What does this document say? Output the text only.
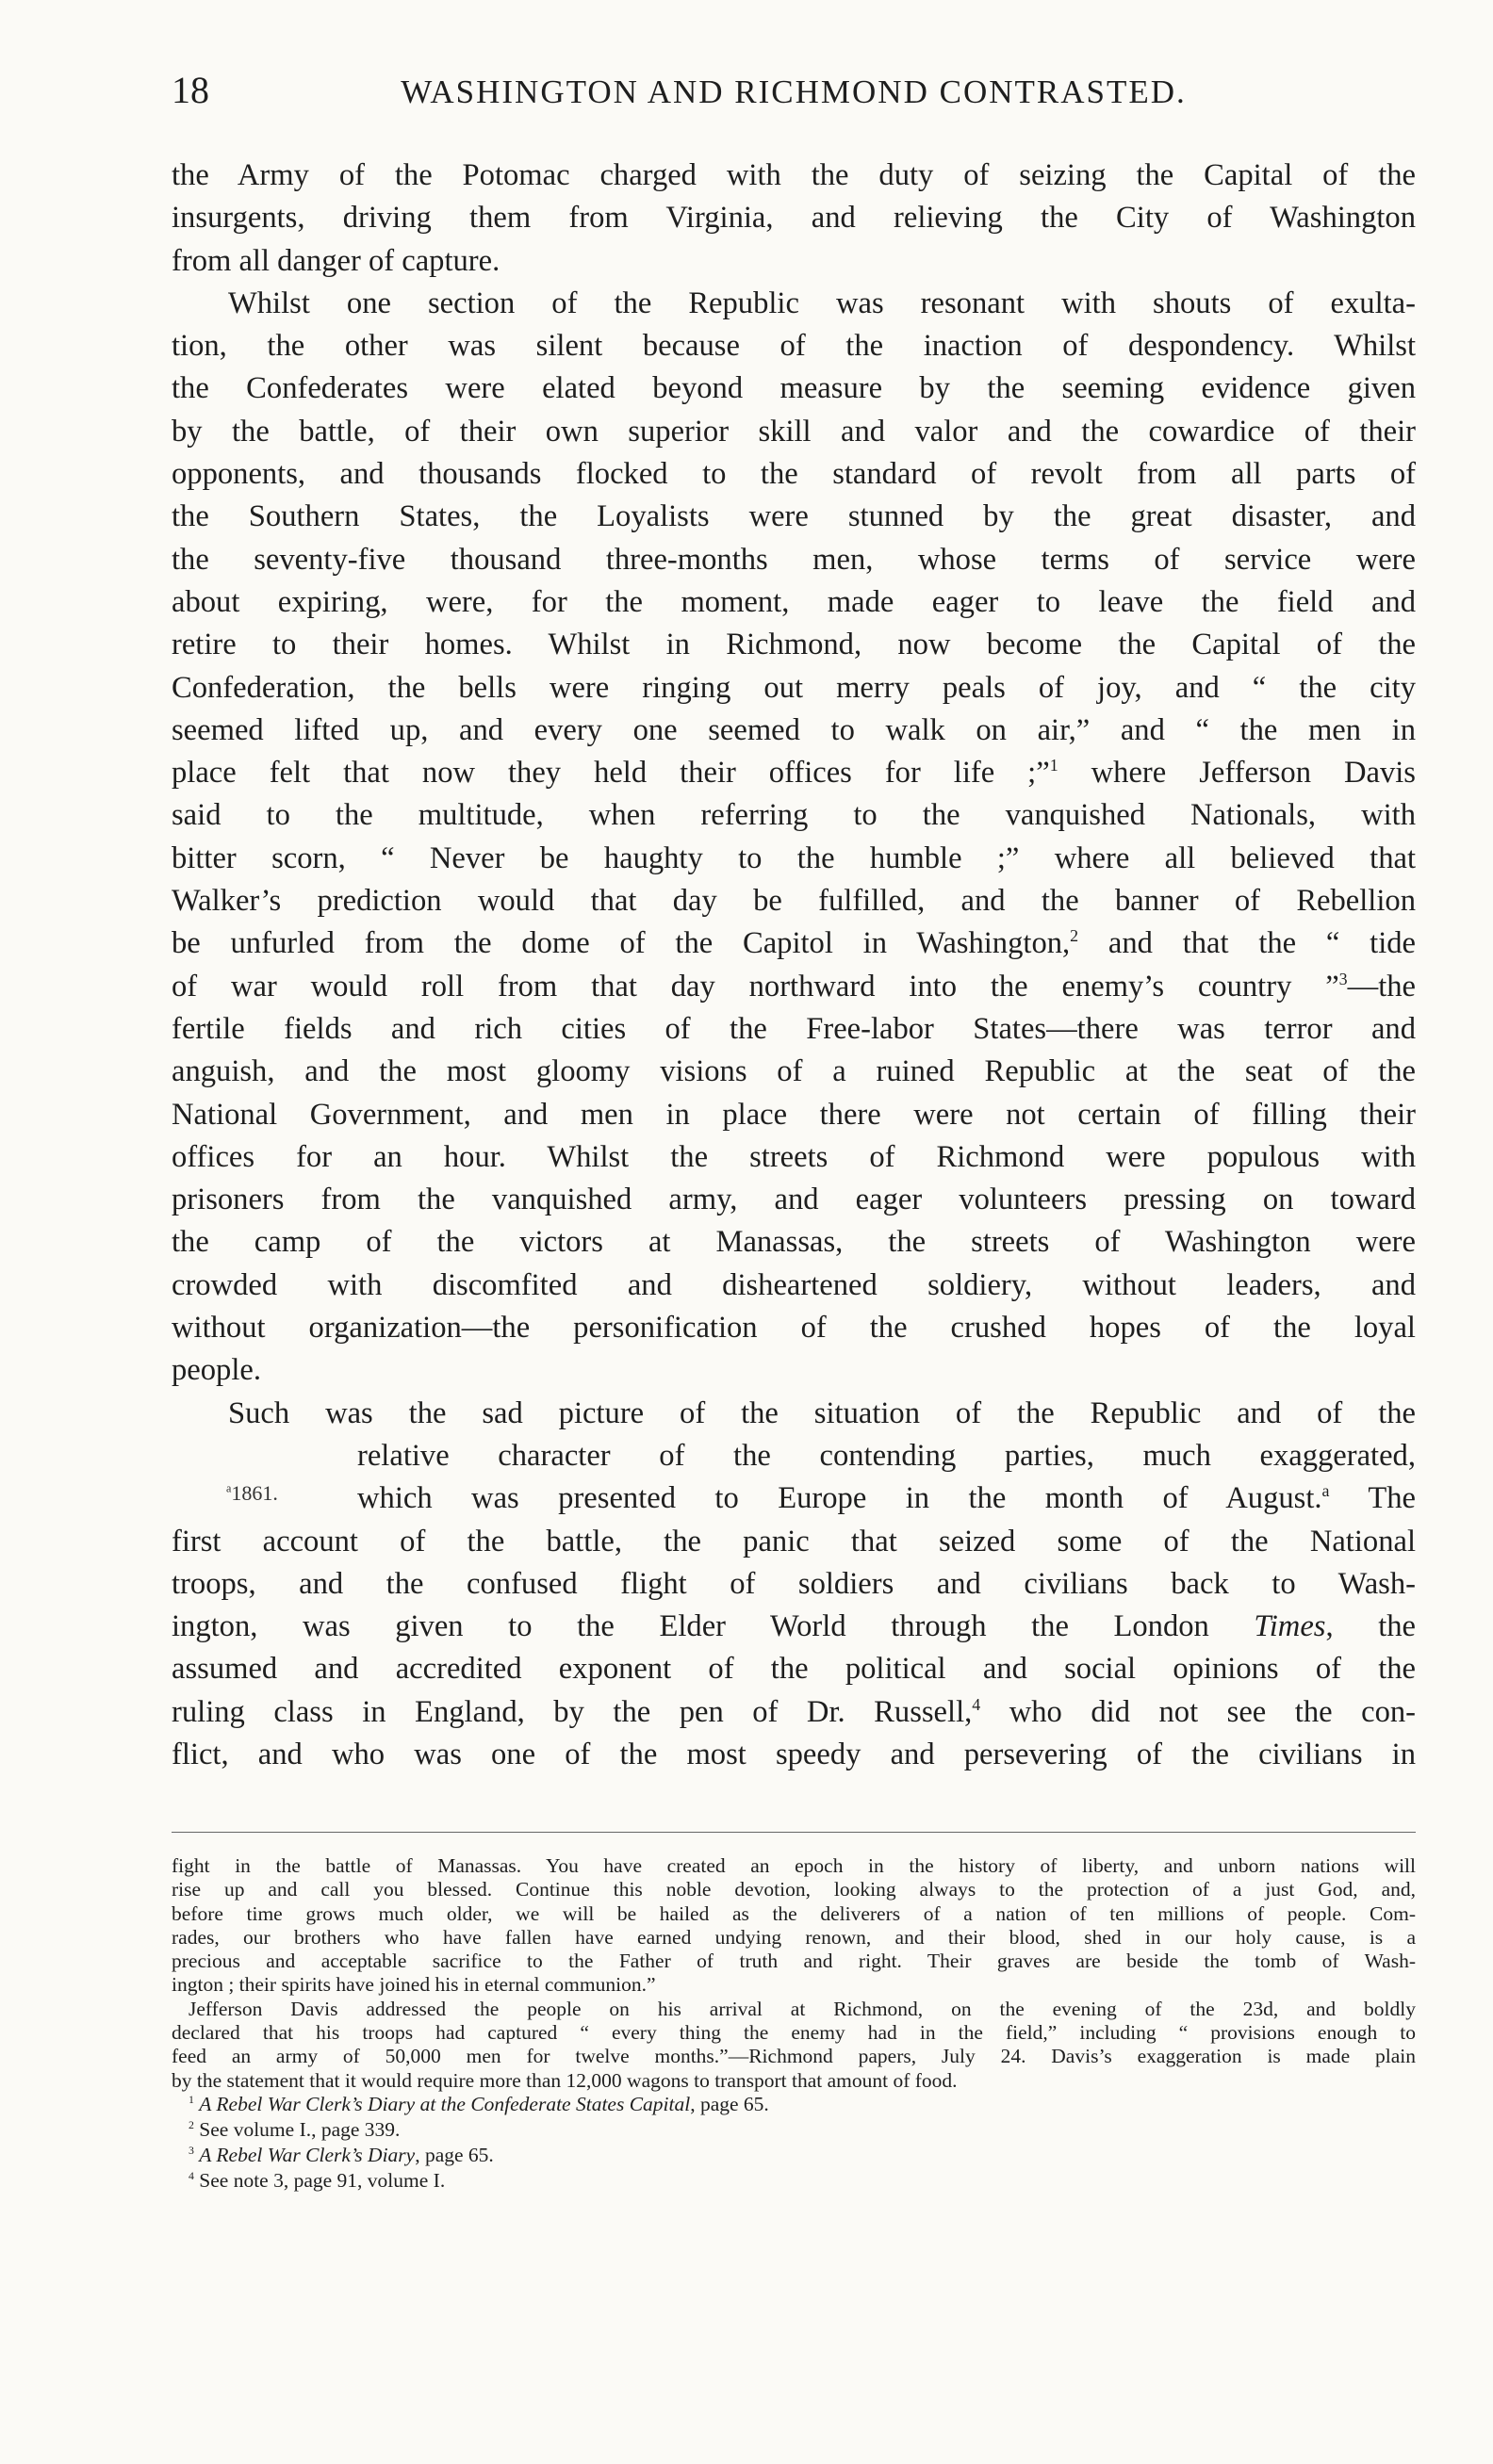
18	WASHINGTON AND RICHMOND CONTRASTED.
the Army of the Potomac charged with the duty of seizing the Capital of the
insurgents, driving them from Virginia, and relieving the City of Washington
from all danger of capture.
Whilst one section of the Republic was resonant with shouts of exulta-
tion, the other was silent because of the inaction of despondency. Whilst
the Confederates were elated beyond measure by the seeming evidence given
by the battle, of their own superior skill and valor and the cowardice of their
opponents, and thousands flocked to the standard of revolt from all parts of
the Southern States, the Loyalists were stunned by the great disaster, and
the seventy-five thousand three-months men, whose terms of service were
about expiring, were, for the moment, made eager to leave the field and
retire to their homes. Whilst in Richmond, now become the Capital of the
Confederation, the bells were ringing out merry peals of joy, and “ the city
seemed lifted up, and every one seemed to walk on air,” and “ the men in
place felt that now they held their offices for life ;”$^1$ where Jefferson Davis
said to the multitude, when referring to the vanquished Nationals, with
bitter scorn, “ Never be haughty to the humble ;” where all believed that
Walker’s prediction would that day be fulfilled, and the banner of Rebellion
be unfurled from the dome of the Capitol in Washington,$^2$ and that the “ tide
of war would roll from that day northward into the enemy’s country ”$^3$—the
fertile fields and rich cities of the Free-labor States—there was terror and
anguish, and the most gloomy visions of a ruined Republic at the seat of the
National Government, and men in place there were not certain of filling their
offices for an hour. Whilst the streets of Richmond were populous with
prisoners from the vanquished army, and eager volunteers pressing on toward
the camp of the victors at Manassas, the streets of Washington were
crowded with discomfited and disheartened soldiery, without leaders, and
without organization—the personification of the crushed hopes of the loyal
people.
Such was the sad picture of the situation of the Republic and of the
relative character of the contending parties, much exaggerated,
which was presented to Europe in the month of August.$^a$ The
first account of the battle, the panic that seized some of the National
troops, and the confused flight of soldiers and civilians back to Wash-
ington, was given to the Elder World through the London Times, the
assumed and accredited exponent of the political and social opinions of the
ruling class in England, by the pen of Dr. Russell,$^4$ who did not see the con-
flict, and who was one of the most speedy and persevering of the civilians in
$^a$1861.
fight in the battle of Manassas. You have created an epoch in the history of liberty, and unborn nations will
rise up and call you blessed. Continue this noble devotion, looking always to the protection of a just God, and,
before time grows much older, we will be hailed as the deliverers of a nation of ten millions of people. Com-
rades, our brothers who have fallen have earned undying renown, and their blood, shed in our holy cause, is a
precious and acceptable sacrifice to the Father of truth and right. Their graves are beside the tomb of Wash-
ington ; their spirits have joined his in eternal communion.”
Jefferson Davis addressed the people on his arrival at Richmond, on the evening of the 23d, and boldly
declared that his troops had captured “ every thing the enemy had in the field,” including “ provisions enough to
feed an army of 50,000 men for twelve months.”—Richmond papers, July 24. Davis’s exaggeration is made plain
by the statement that it would require more than 12,000 wagons to transport that amount of food.
$^1$ A Rebel War Clerk’s Diary at the Confederate States Capital, page 65.
$^2$ See volume I., page 339.
$^3$ A Rebel War Clerk’s Diary, page 65.
$^4$ See note 3, page 91, volume I.
